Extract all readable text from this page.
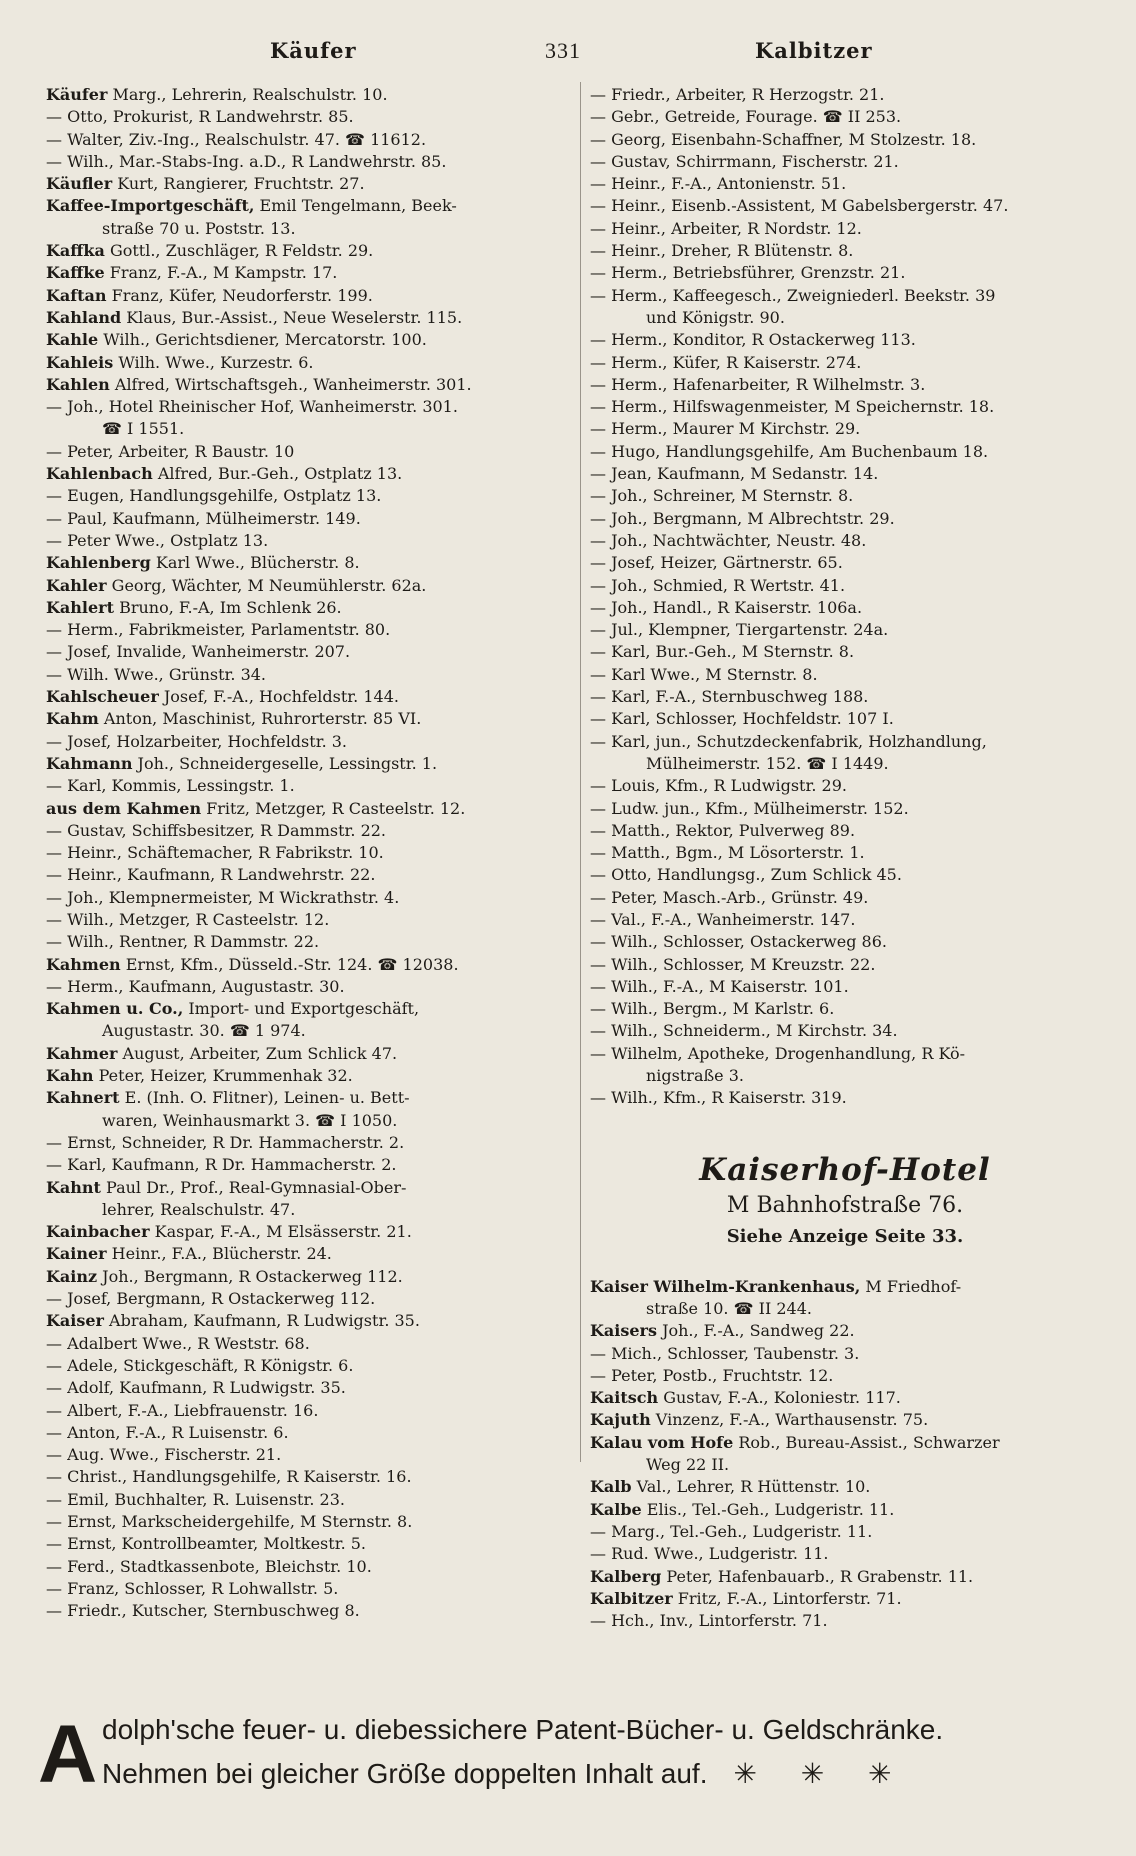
Käufer	331	Kalbitzer
Käufer Marg., Lehrerin, Realschulstr. 10.
— Otto, Prokurist, R Landwehrstr. 85.
— Walter, Ziv.-Ing., Realschulstr. 47. ☎ 11612.
— Wilh., Mar.-Stabs-Ing. a.D., R Landwehrstr. 85.
Käufler Kurt, Rangierer, Fruchtstr. 27.
Kaffee-Importgeschäft, Emil Tengelmann, Beek-
straße 70 u. Poststr. 13.
Kaffka Gottl., Zuschläger, R Feldstr. 29.
Kaffke Franz, F.-A., M Kampstr. 17.
Kaftan Franz, Küfer, Neudorferstr. 199.
Kahland Klaus, Bur.-Assist., Neue Weselerstr. 115.
Kahle Wilh., Gerichtsdiener, Mercatorstr. 100.
Kahleis Wilh. Wwe., Kurzestr. 6.
Kahlen Alfred, Wirtschaftsgeh., Wanheimerstr. 301.
— Joh., Hotel Rheinischer Hof, Wanheimerstr. 301.
☎ I 1551.
— Peter, Arbeiter, R Baustr. 10
Kahlenbach Alfred, Bur.-Geh., Ostplatz 13.
— Eugen, Handlungsgehilfe, Ostplatz 13.
— Paul, Kaufmann, Mülheimerstr. 149.
— Peter Wwe., Ostplatz 13.
Kahlenberg Karl Wwe., Blücherstr. 8.
Kahler Georg, Wächter, M Neumühlerstr. 62a.
Kahlert Bruno, F.-A, Im Schlenk 26.
— Herm., Fabrikmeister, Parlamentstr. 80.
— Josef, Invalide, Wanheimerstr. 207.
— Wilh. Wwe., Grünstr. 34.
Kahlscheuer Josef, F.-A., Hochfeldstr. 144.
Kahm Anton, Maschinist, Ruhrorterstr. 85 VI.
— Josef, Holzarbeiter, Hochfeldstr. 3.
Kahmann Joh., Schneidergeselle, Lessingstr. 1.
— Karl, Kommis, Lessingstr. 1.
aus dem Kahmen Fritz, Metzger, R Casteelstr. 12.
— Gustav, Schiffsbesitzer, R Dammstr. 22.
— Heinr., Schäftemacher, R Fabrikstr. 10.
— Heinr., Kaufmann, R Landwehrstr. 22.
— Joh., Klempnermeister, M Wickrathstr. 4.
— Wilh., Metzger, R Casteelstr. 12.
— Wilh., Rentner, R Dammstr. 22.
Kahmen Ernst, Kfm., Düsseld.-Str. 124. ☎ 12038.
— Herm., Kaufmann, Augustastr. 30.
Kahmen u. Co., Import- und Exportgeschäft,
Augustastr. 30. ☎ 1 974.
Kahmer August, Arbeiter, Zum Schlick 47.
Kahn Peter, Heizer, Krummenhak 32.
Kahnert E. (Inh. O. Flitner), Leinen- u. Bett-
waren, Weinhausmarkt 3. ☎ I 1050.
— Ernst, Schneider, R Dr. Hammacherstr. 2.
— Karl, Kaufmann, R Dr. Hammacherstr. 2.
Kahnt Paul Dr., Prof., Real-Gymnasial-Ober-
lehrer, Realschulstr. 47.
Kainbacher Kaspar, F.-A., M Elsässerstr. 21.
Kainer Heinr., F.A., Blücherstr. 24.
Kainz Joh., Bergmann, R Ostackerweg 112.
— Josef, Bergmann, R Ostackerweg 112.
Kaiser Abraham, Kaufmann, R Ludwigstr. 35.
— Adalbert Wwe., R Weststr. 68.
— Adele, Stickgeschäft, R Königstr. 6.
— Adolf, Kaufmann, R Ludwigstr. 35.
— Albert, F.-A., Liebfrauenstr. 16.
— Anton, F.-A., R Luisenstr. 6.
— Aug. Wwe., Fischerstr. 21.
— Christ., Handlungsgehilfe, R Kaiserstr. 16.
— Emil, Buchhalter, R. Luisenstr. 23.
— Ernst, Markscheidergehilfe, M Sternstr. 8.
— Ernst, Kontrollbeamter, Moltkestr. 5.
— Ferd., Stadtkassenbote, Bleichstr. 10.
— Franz, Schlosser, R Lohwallstr. 5.
— Friedr., Kutscher, Sternbuschweg 8.
— Friedr., Arbeiter, R Herzogstr. 21.
— Gebr., Getreide, Fourage. ☎ II 253.
— Georg, Eisenbahn-Schaffner, M Stolzestr. 18.
— Gustav, Schirrmann, Fischerstr. 21.
— Heinr., F.-A., Antonienstr. 51.
— Heinr., Eisenb.-Assistent, M Gabelsbergerstr. 47.
— Heinr., Arbeiter, R Nordstr. 12.
— Heinr., Dreher, R Blütenstr. 8.
— Herm., Betriebsführer, Grenzstr. 21.
— Herm., Kaffeegesch., Zweigniederl. Beekstr. 39
und Königstr. 90.
— Herm., Konditor, R Ostackerweg 113.
— Herm., Küfer, R Kaiserstr. 274.
— Herm., Hafenarbeiter, R Wilhelmstr. 3.
— Herm., Hilfswagenmeister, M Speichernstr. 18.
— Herm., Maurer M Kirchstr. 29.
— Hugo, Handlungsgehilfe, Am Buchenbaum 18.
— Jean, Kaufmann, M Sedanstr. 14.
— Joh., Schreiner, M Sternstr. 8.
— Joh., Bergmann, M Albrechtstr. 29.
— Joh., Nachtwächter, Neustr. 48.
— Josef, Heizer, Gärtnerstr. 65.
— Joh., Schmied, R Wertstr. 41.
— Joh., Handl., R Kaiserstr. 106a.
— Jul., Klempner, Tiergartenstr. 24a.
— Karl, Bur.-Geh., M Sternstr. 8.
— Karl Wwe., M Sternstr. 8.
— Karl, F.-A., Sternbuschweg 188.
— Karl, Schlosser, Hochfeldstr. 107 I.
— Karl, jun., Schutzdeckenfabrik, Holzhandlung,
Mülheimerstr. 152. ☎ I 1449.
— Louis, Kfm., R Ludwigstr. 29.
— Ludw. jun., Kfm., Mülheimerstr. 152.
— Matth., Rektor, Pulverweg 89.
— Matth., Bgm., M Lösorterstr. 1.
— Otto, Handlungsg., Zum Schlick 45.
— Peter, Masch.-Arb., Grünstr. 49.
— Val., F.-A., Wanheimerstr. 147.
— Wilh., Schlosser, Ostackerweg 86.
— Wilh., Schlosser, M Kreuzstr. 22.
— Wilh., F.-A., M Kaiserstr. 101.
— Wilh., Bergm., M Karlstr. 6.
— Wilh., Schneiderm., M Kirchstr. 34.
— Wilhelm, Apotheke, Drogenhandlung, R Kö-
nigstraße 3.
— Wilh., Kfm., R Kaiserstr. 319.
Kaiserhof-Hotel
M Bahnhofstraße 76.
Siehe Anzeige Seite 33.
Kaiser Wilhelm-Krankenhaus, M Friedhof-
straße 10. ☎ II 244.
Kaisers Joh., F.-A., Sandweg 22.
— Mich., Schlosser, Taubenstr. 3.
— Peter, Postb., Fruchtstr. 12.
Kaitsch Gustav, F.-A., Koloniestr. 117.
Kajuth Vinzenz, F.-A., Warthausenstr. 75.
Kalau vom Hofe Rob., Bureau-Assist., Schwarzer
Weg 22 II.
Kalb Val., Lehrer, R Hüttenstr. 10.
Kalbe Elis., Tel.-Geh., Ludgeristr. 11.
— Marg., Tel.-Geh., Ludgeristr. 11.
— Rud. Wwe., Ludgeristr. 11.
Kalberg Peter, Hafenbauarb., R Grabenstr. 11.
Kalbitzer Fritz, F.-A., Lintorferstr. 71.
— Hch., Inv., Lintorferstr. 71.
A dolph'sche feuer- u. diebessichere Patent-Bücher- u. Geldschränke.
Nehmen bei gleicher Größe doppelten Inhalt auf. ✳ ✳ ✳
